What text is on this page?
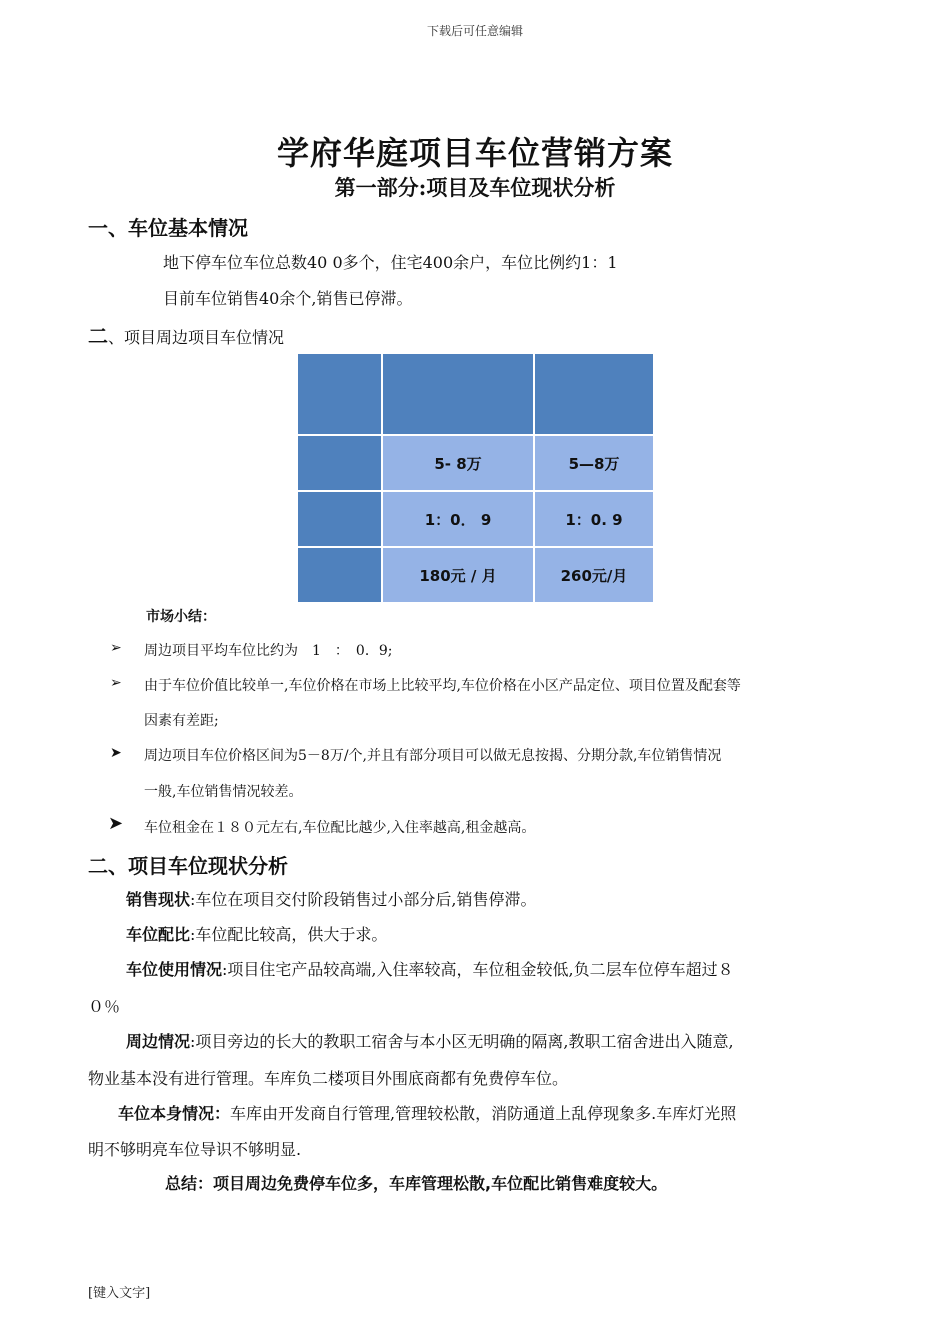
下载后可任意编辑
学府华庭项目车位营销方案
第一部分:项目及车位现状分析
一、车位基本情况
地下停车位车位总数40 0多个，住宅400余户，车位比例约1：1
目前车位销售40余个,销售已停滞。
二、项目周边项目车位情况

	5- 8万	5—8万
	1：0． 9	1：0. 9
	180元 / 月	260元/月
市场小结：
➢ 周边项目平均车位比约为　1　：　0．9;
➢ 由于车位价值比较单一,车位价格在市场上比较平均,车位价格在小区产品定位、项目位置及配套等
因素有差距;
➤ 周边项目车位价格区间为5－8万/个,并且有部分项目可以做无息按揭、分期分款,车位销售情况
一般,车位销售情况较差。
➤ 车位租金在１８０元左右,车位配比越少,入住率越高,租金越高。
二、项目车位现状分析
销售现状:车位在项目交付阶段销售过小部分后,销售停滞。
车位配比:车位配比较高，供大于求。
车位使用情况:项目住宅产品较高端,入住率较高，车位租金较低,负二层车位停车超过８
０％
周边情况:项目旁边的长大的教职工宿舍与本小区无明确的隔离,教职工宿舍进出入随意,
物业基本没有进行管理。车库负二楼项目外围底商都有免费停车位。
车位本身情况：车库由开发商自行管理,管理较松散，消防通道上乱停现象多.车库灯光照
明不够明亮车位导识不够明显.
总结：项目周边免费停车位多，车库管理松散,车位配比销售难度较大。
[键入文字]
